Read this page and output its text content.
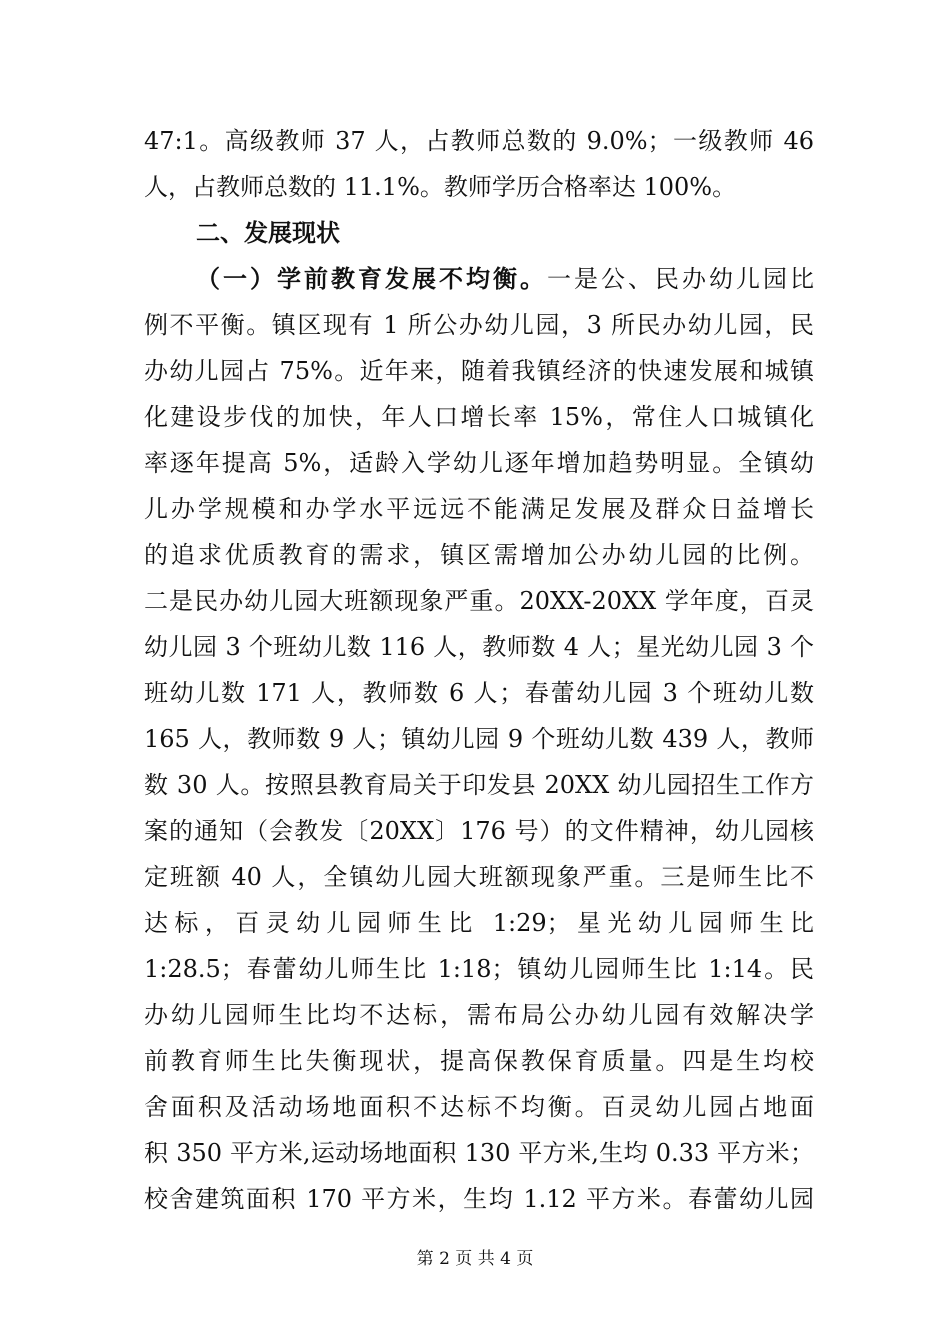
47:1。高级教师 37 人，占教师总数的 9.0%；一级教师 46
人，占教师总数的 11.1%。教师学历合格率达 100%。
二、发展现状
（一）学前教育发展不均衡。一是公、民办幼儿园比
例不平衡。镇区现有 1 所公办幼儿园，3 所民办幼儿园，民
办幼儿园占 75%。近年来，随着我镇经济的快速发展和城镇
化建设步伐的加快，年人口增长率 15%，常住人口城镇化
率逐年提高 5%，适龄入学幼儿逐年增加趋势明显。全镇幼
儿办学规模和办学水平远远不能满足发展及群众日益增长
的追求优质教育的需求，镇区需增加公办幼儿园的比例。
二是民办幼儿园大班额现象严重。20XX-20XX 学年度，百灵
幼儿园 3 个班幼儿数 116 人，教师数 4 人；星光幼儿园 3 个
班幼儿数 171 人，教师数 6 人；春蕾幼儿园 3 个班幼儿数
165 人，教师数 9 人；镇幼儿园 9 个班幼儿数 439 人，教师
数 30 人。按照县教育局关于印发县 20XX 幼儿园招生工作方
案的通知（会教发〔20XX〕176 号）的文件精神，幼儿园核
定班额 40 人，全镇幼儿园大班额现象严重。三是师生比不
达标，百灵幼儿园师生比 1:29；星光幼儿园师生比
1:28.5；春蕾幼儿师生比 1:18；镇幼儿园师生比 1:14。民
办幼儿园师生比均不达标，需布局公办幼儿园有效解决学
前教育师生比失衡现状，提高保教保育质量。四是生均校
舍面积及活动场地面积不达标不均衡。百灵幼儿园占地面
积 350 平方米,运动场地面积 130 平方米,生均 0.33 平方米；
校舍建筑面积 170 平方米，生均 1.12 平方米。春蕾幼儿园
第 2 页 共 4 页
